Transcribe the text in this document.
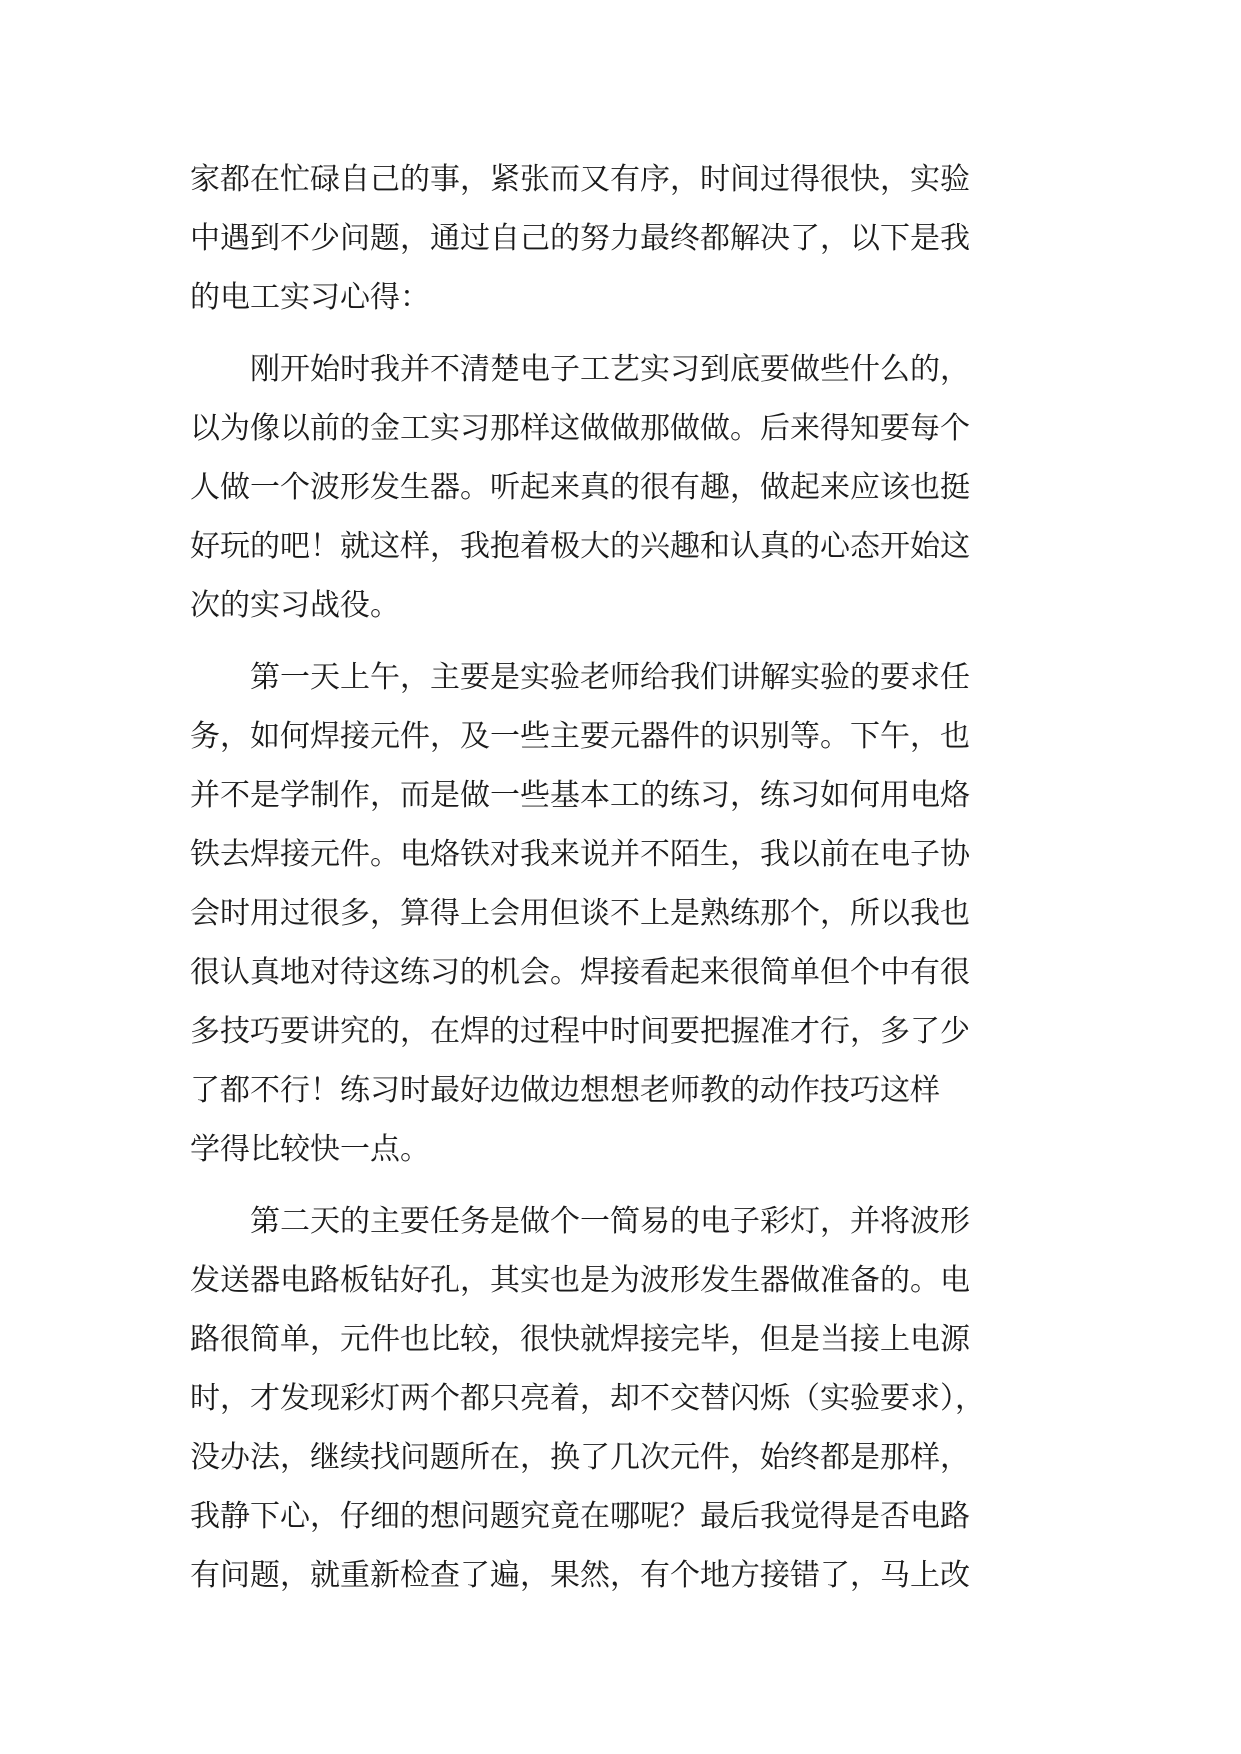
家都在忙碌自己的事，紧张而又有序，时间过得很快，实验
中遇到不少问题，通过自己的努力最终都解决了，以下是我
的电工实习心得：
刚开始时我并不清楚电子工艺实习到底要做些什么的，
以为像以前的金工实习那样这做做那做做。后来得知要每个
人做一个波形发生器。听起来真的很有趣，做起来应该也挺
好玩的吧！就这样，我抱着极大的兴趣和认真的心态开始这
次的实习战役。
第一天上午，主要是实验老师给我们讲解实验的要求任
务，如何焊接元件，及一些主要元器件的识别等。下午，也
并不是学制作，而是做一些基本工的练习，练习如何用电烙
铁去焊接元件。电烙铁对我来说并不陌生，我以前在电子协
会时用过很多，算得上会用但谈不上是熟练那个，所以我也
很认真地对待这练习的机会。焊接看起来很简单但个中有很
多技巧要讲究的，在焊的过程中时间要把握准才行，多了少
了都不行！练习时最好边做边想想老师教的动作技巧这样
学得比较快一点。
第二天的主要任务是做个一简易的电子彩灯，并将波形
发送器电路板钻好孔，其实也是为波形发生器做准备的。电
路很简单，元件也比较，很快就焊接完毕，但是当接上电源
时，才发现彩灯两个都只亮着，却不交替闪烁（实验要求），
没办法，继续找问题所在，换了几次元件，始终都是那样，
我静下心，仔细的想问题究竟在哪呢？最后我觉得是否电路
有问题，就重新检查了遍，果然，有个地方接错了，马上改
